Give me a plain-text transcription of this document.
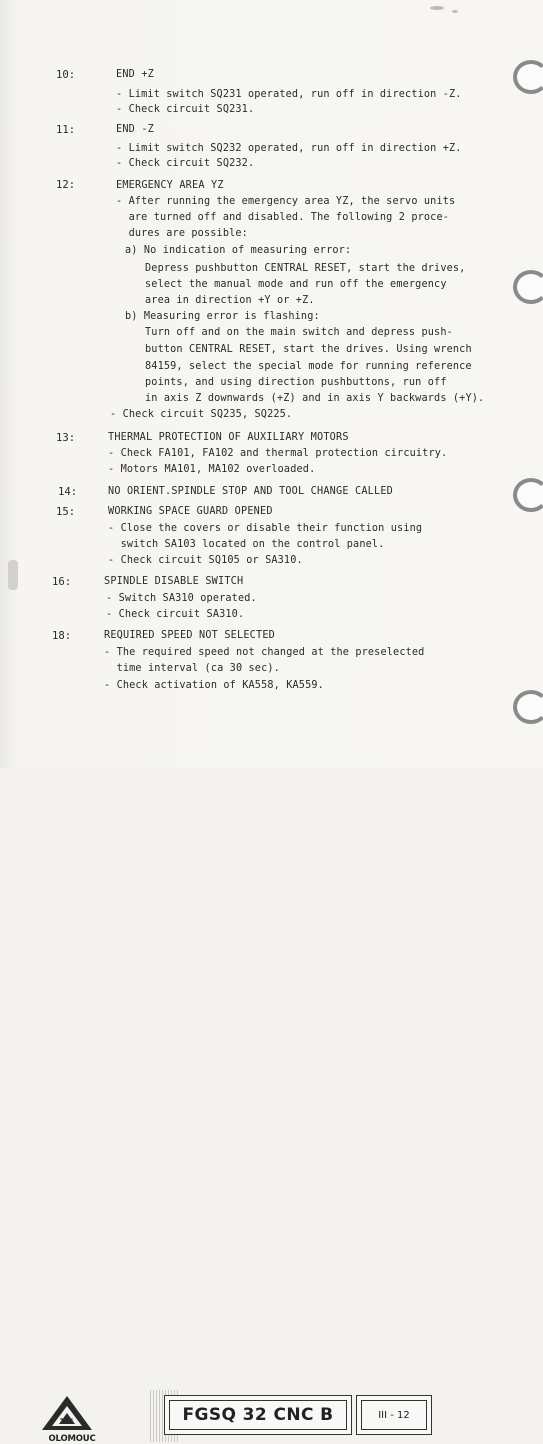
10:	END +Z
- Limit switch SQ231 operated, run off in direction -Z.
- Check circuit SQ231.
11:	END -Z
- Limit switch SQ232 operated, run off in direction +Z.
- Check circuit SQ232.
12:	EMERGENCY AREA YZ
- After running the emergency area YZ, the servo units
are turned off and disabled. The following 2 proce-
dures are possible:
a) No indication of measuring error:
Depress pushbutton CENTRAL RESET, start the drives,
select the manual mode and run off the emergency
area in direction +Y or +Z.
b) Measuring error is flashing:
Turn off and on the main switch and depress push-
button CENTRAL RESET, start the drives. Using wrench
84159, select the special mode for running reference
points, and using direction pushbuttons, run off
in axis Z downwards (+Z) and in axis Y backwards (+Y).
- Check circuit SQ235, SQ225.
13:	THERMAL PROTECTION OF AUXILIARY MOTORS
- Check FA101, FA102 and thermal protection circuitry.
- Motors MA101, MA102 overloaded.
14:	NO ORIENT.SPINDLE STOP AND TOOL CHANGE CALLED
15:	WORKING SPACE GUARD OPENED
- Close the covers or disable their function using
switch SA103 located on the control panel.
- Check circuit SQ105 or SA310.
16:	SPINDLE DISABLE SWITCH
- Switch SA310 operated.
- Check circuit SA310.
18:	REQUIRED SPEED NOT SELECTED
- The required speed not changed at the preselected
time interval (ca 30 sec).
- Check activation of KA558, KA559.
TOS
OLOMOUC
FGSQ 32 CNC B	III - 12
